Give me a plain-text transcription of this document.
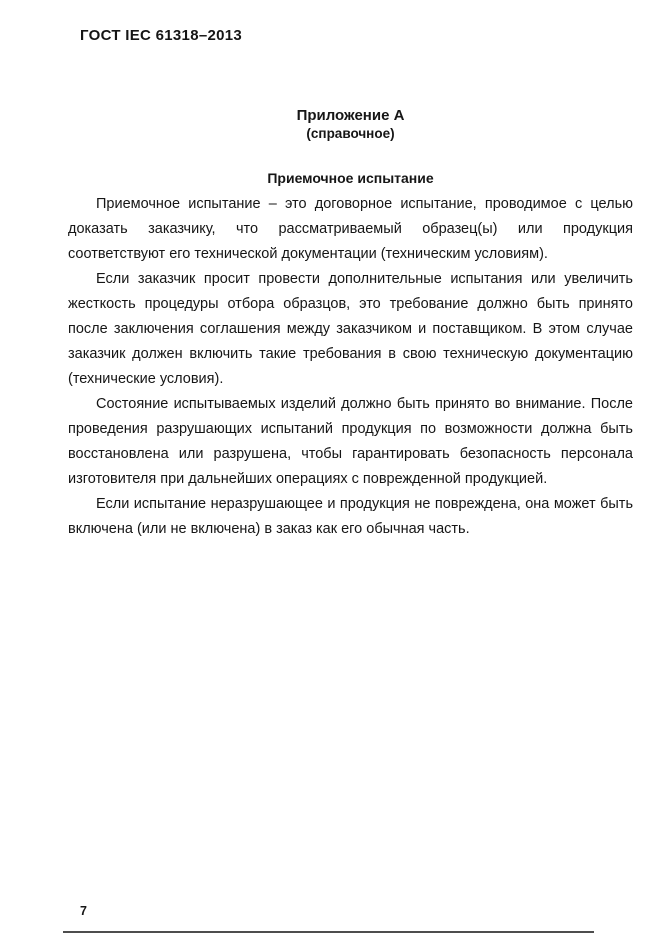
ГОСТ IEC 61318–2013
Приложение А
(справочное)
Приемочное испытание

Приемочное испытание – это договорное испытание, проводимое с целью доказать заказчику, что рассматриваемый образец(ы) или продукция соответствуют его технической документации (техническим условиям).

Если заказчик просит провести дополнительные испытания или увеличить жесткость процедуры отбора образцов, это требование должно быть принято после заключения соглашения между заказчиком и поставщиком. В этом случае заказчик должен включить такие требования в свою техническую документацию (технические условия).

Состояние испытываемых изделий должно быть принято во внимание. После проведения разрушающих испытаний продукция по возможности должна быть восстановлена или разрушена, чтобы гарантировать безопасность персонала изготовителя при дальнейших операциях с поврежденной продукцией.

Если испытание неразрушающее и продукция не повреждена, она может быть включена (или не включена) в заказ как его обычная часть.

7
